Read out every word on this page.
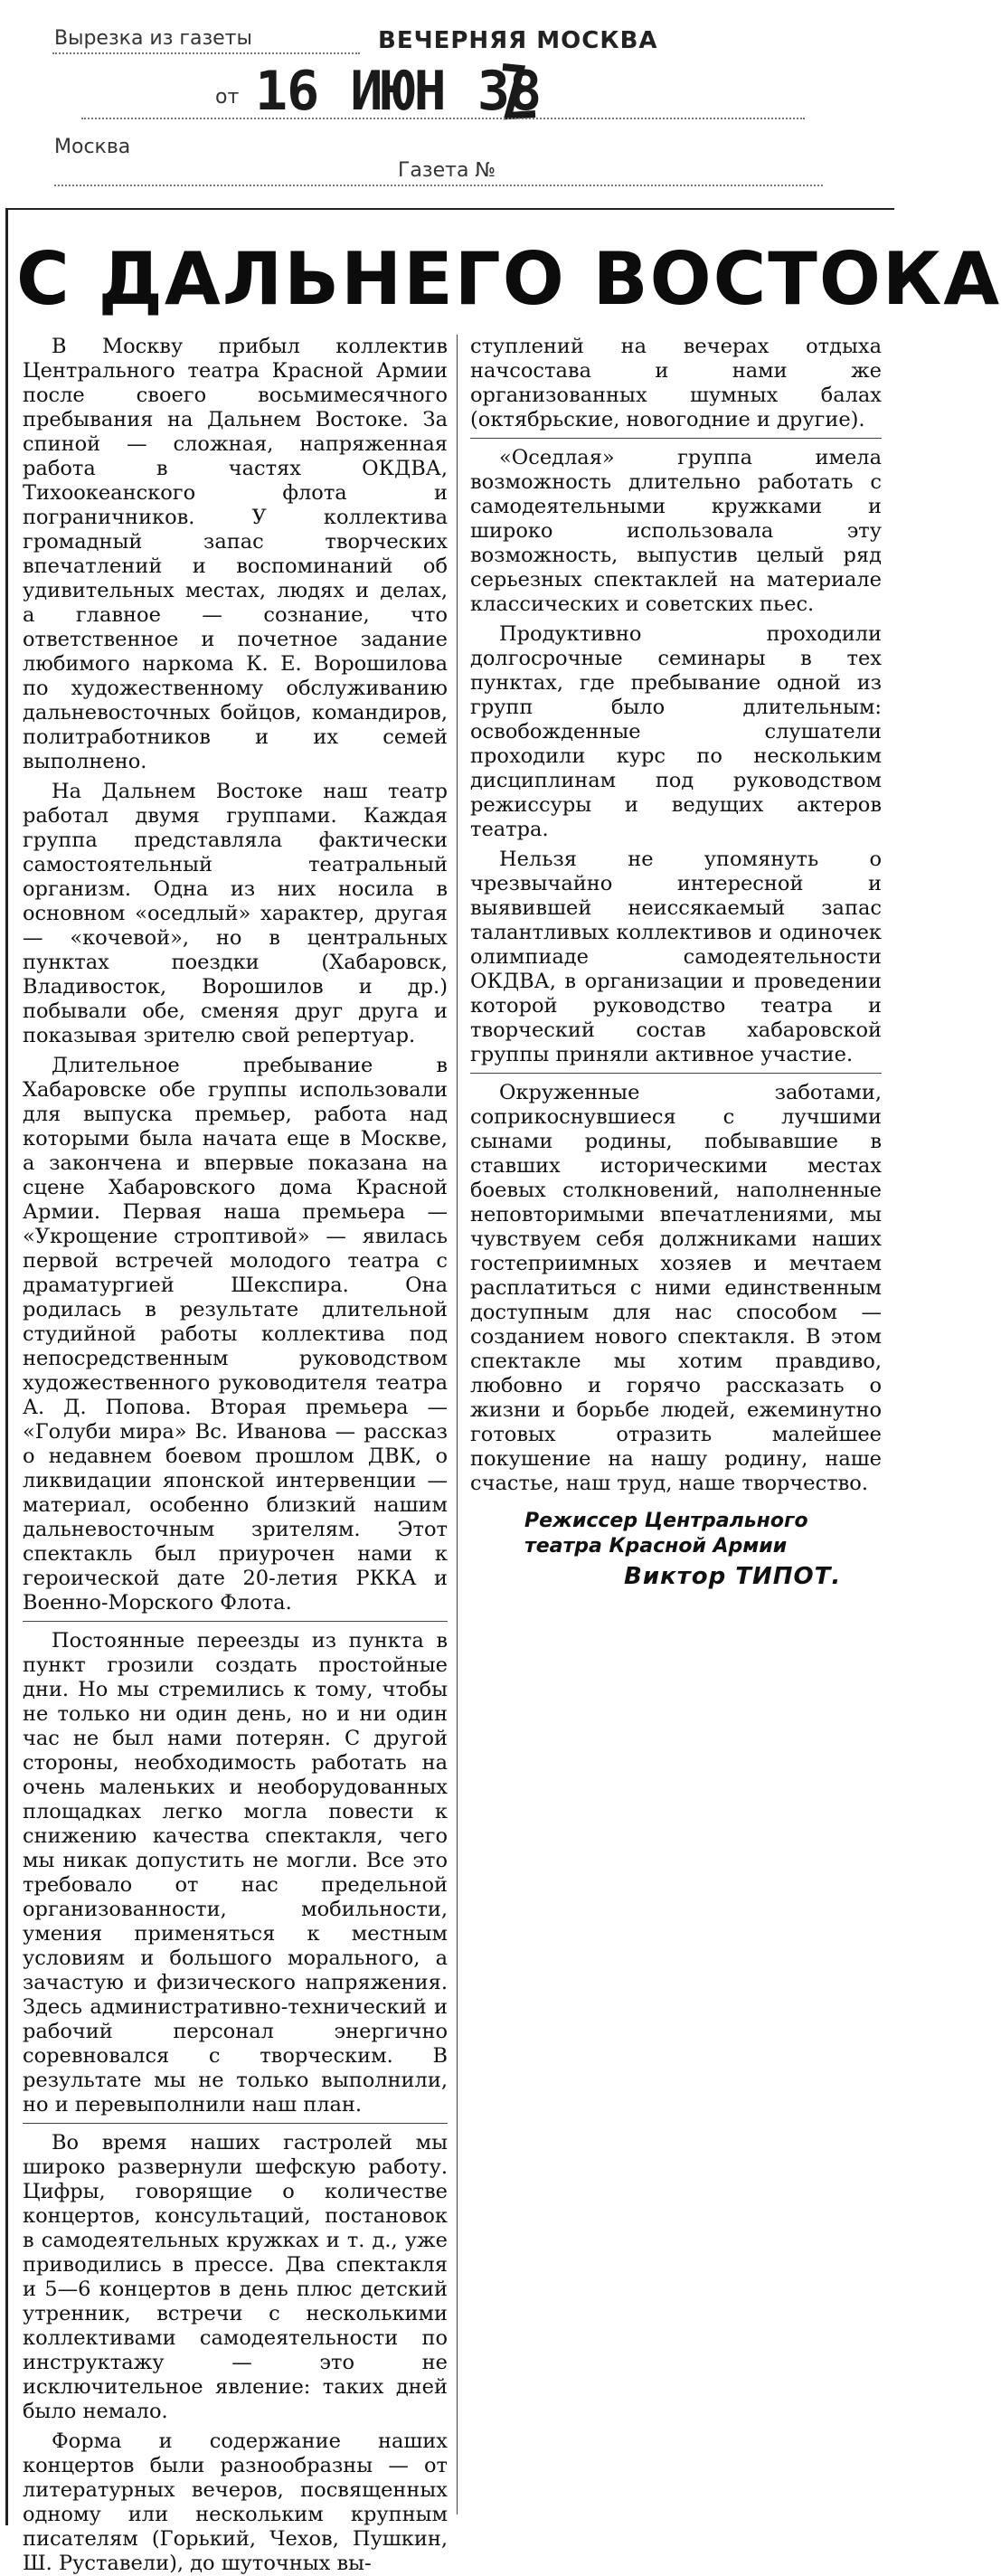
Вырезка из газеты	ВЕЧЕРНЯЯ МОСКВА
от 16 ИЮН 38
Москва
Газета №
С ДАЛЬНЕГО ВОСТОКА

В Москву прибыл коллектив Центрального театра Красной Армии после своего восьмимесячного пребывания на Дальнем Востоке. За спиной — сложная, напряженная работа в частях ОКДВА, Тихоокеанского флота и пограничников. У коллектива громадный запас творческих впечатлений и воспоминаний об удивительных местах, людях и делах, а главное — сознание, что ответственное и почетное задание любимого наркома К. Е. Ворошилова по художественному обслуживанию дальневосточных бойцов, командиров, политработников и их семей выполнено.

На Дальнем Востоке наш театр работал двумя группами. Каждая группа представляла фактически самостоятельный театральный организм. Одна из них носила в основном «оседлый» характер, другая — «кочевой», но в центральных пунктах поездки (Хабаровск, Владивосток, Ворошилов и др.) побывали обе, сменяя друг друга и показывая зрителю свой репертуар.

Длительное пребывание в Хабаровске обе группы использовали для выпуска премьер, работа над которыми была начата еще в Москве, а закончена и впервые показана на сцене Хабаровского дома Красной Армии. Первая наша премьера — «Укрощение строптивой» — явилась первой встречей молодого театра с драматургией Шекспира. Она родилась в результате длительной студийной работы коллектива под непосредственным руководством художественного руководителя театра А. Д. Попова. Вторая премьера — «Голуби мира» Вс. Иванова — рассказ о недавнем боевом прошлом ДВК, о ликвидации японской интервенции — материал, особенно близкий нашим дальневосточным зрителям. Этот спектакль был приурочен нами к героической дате 20-летия РККА и Военно-Морского Флота.

Постоянные переезды из пункта в пункт грозили создать простойные дни. Но мы стремились к тому, чтобы не только ни один день, но и ни один час не был нами потерян. С другой стороны, необходимость работать на очень маленьких и необорудованных площадках легко могла повести к снижению качества спектакля, чего мы никак допустить не могли. Все это требовало от нас предельной организованности, мобильности, умения применяться к местным условиям и большого морального, а зачастую и физического напряжения. Здесь административно-технический и рабочий персонал энергично соревновался с творческим. В результате мы не только выполнили, но и перевыполнили наш план.

Во время наших гастролей мы широко развернули шефскую работу. Цифры, говорящие о количестве концертов, консультаций, постановок в самодеятельных кружках и т. д., уже приводились в прессе. Два спектакля и 5—6 концертов в день плюс детский утренник, встречи с несколькими коллективами самодеятельности по инструктажу — это не исключительное явление: таких дней было немало.

Форма и содержание наших концертов были разнообразны — от литературных вечеров, посвященных одному или нескольким крупным писателям (Горький, Чехов, Пушкин, Ш. Руставели), до шуточных вы-

ступлений на вечерах отдыха начсостава и нами же организованных шумных балах (октябрьские, новогодние и другие).

«Оседлая» группа имела возможность длительно работать с самодеятельными кружками и широко использовала эту возможность, выпустив целый ряд серьезных спектаклей на материале классических и советских пьес.

Продуктивно проходили долгосрочные семинары в тех пунктах, где пребывание одной из групп было длительным: освобожденные слушатели проходили курс по нескольким дисциплинам под руководством режиссуры и ведущих актеров театра.

Нельзя не упомянуть о чрезвычайно интересной и выявившей неиссякаемый запас талантливых коллективов и одиночек олимпиаде самодеятельности ОКДВА, в организации и проведении которой руководство театра и творческий состав хабаровской группы приняли активное участие.

Окруженные заботами, соприкоснувшиеся с лучшими сынами родины, побывавшие в ставших историческими местах боевых столкновений, наполненные неповторимыми впечатлениями, мы чувствуем себя должниками наших гостеприимных хозяев и мечтаем расплатиться с ними единственным доступным для нас способом — созданием нового спектакля. В этом спектакле мы хотим правдиво, любовно и горячо рассказать о жизни и борьбе людей, ежеминутно готовых отразить малейшее покушение на нашу родину, наше счастье, наш труд, наше творчество.

Режиссер Центрального театра Красной Армии
Виктор ТИПОТ.
